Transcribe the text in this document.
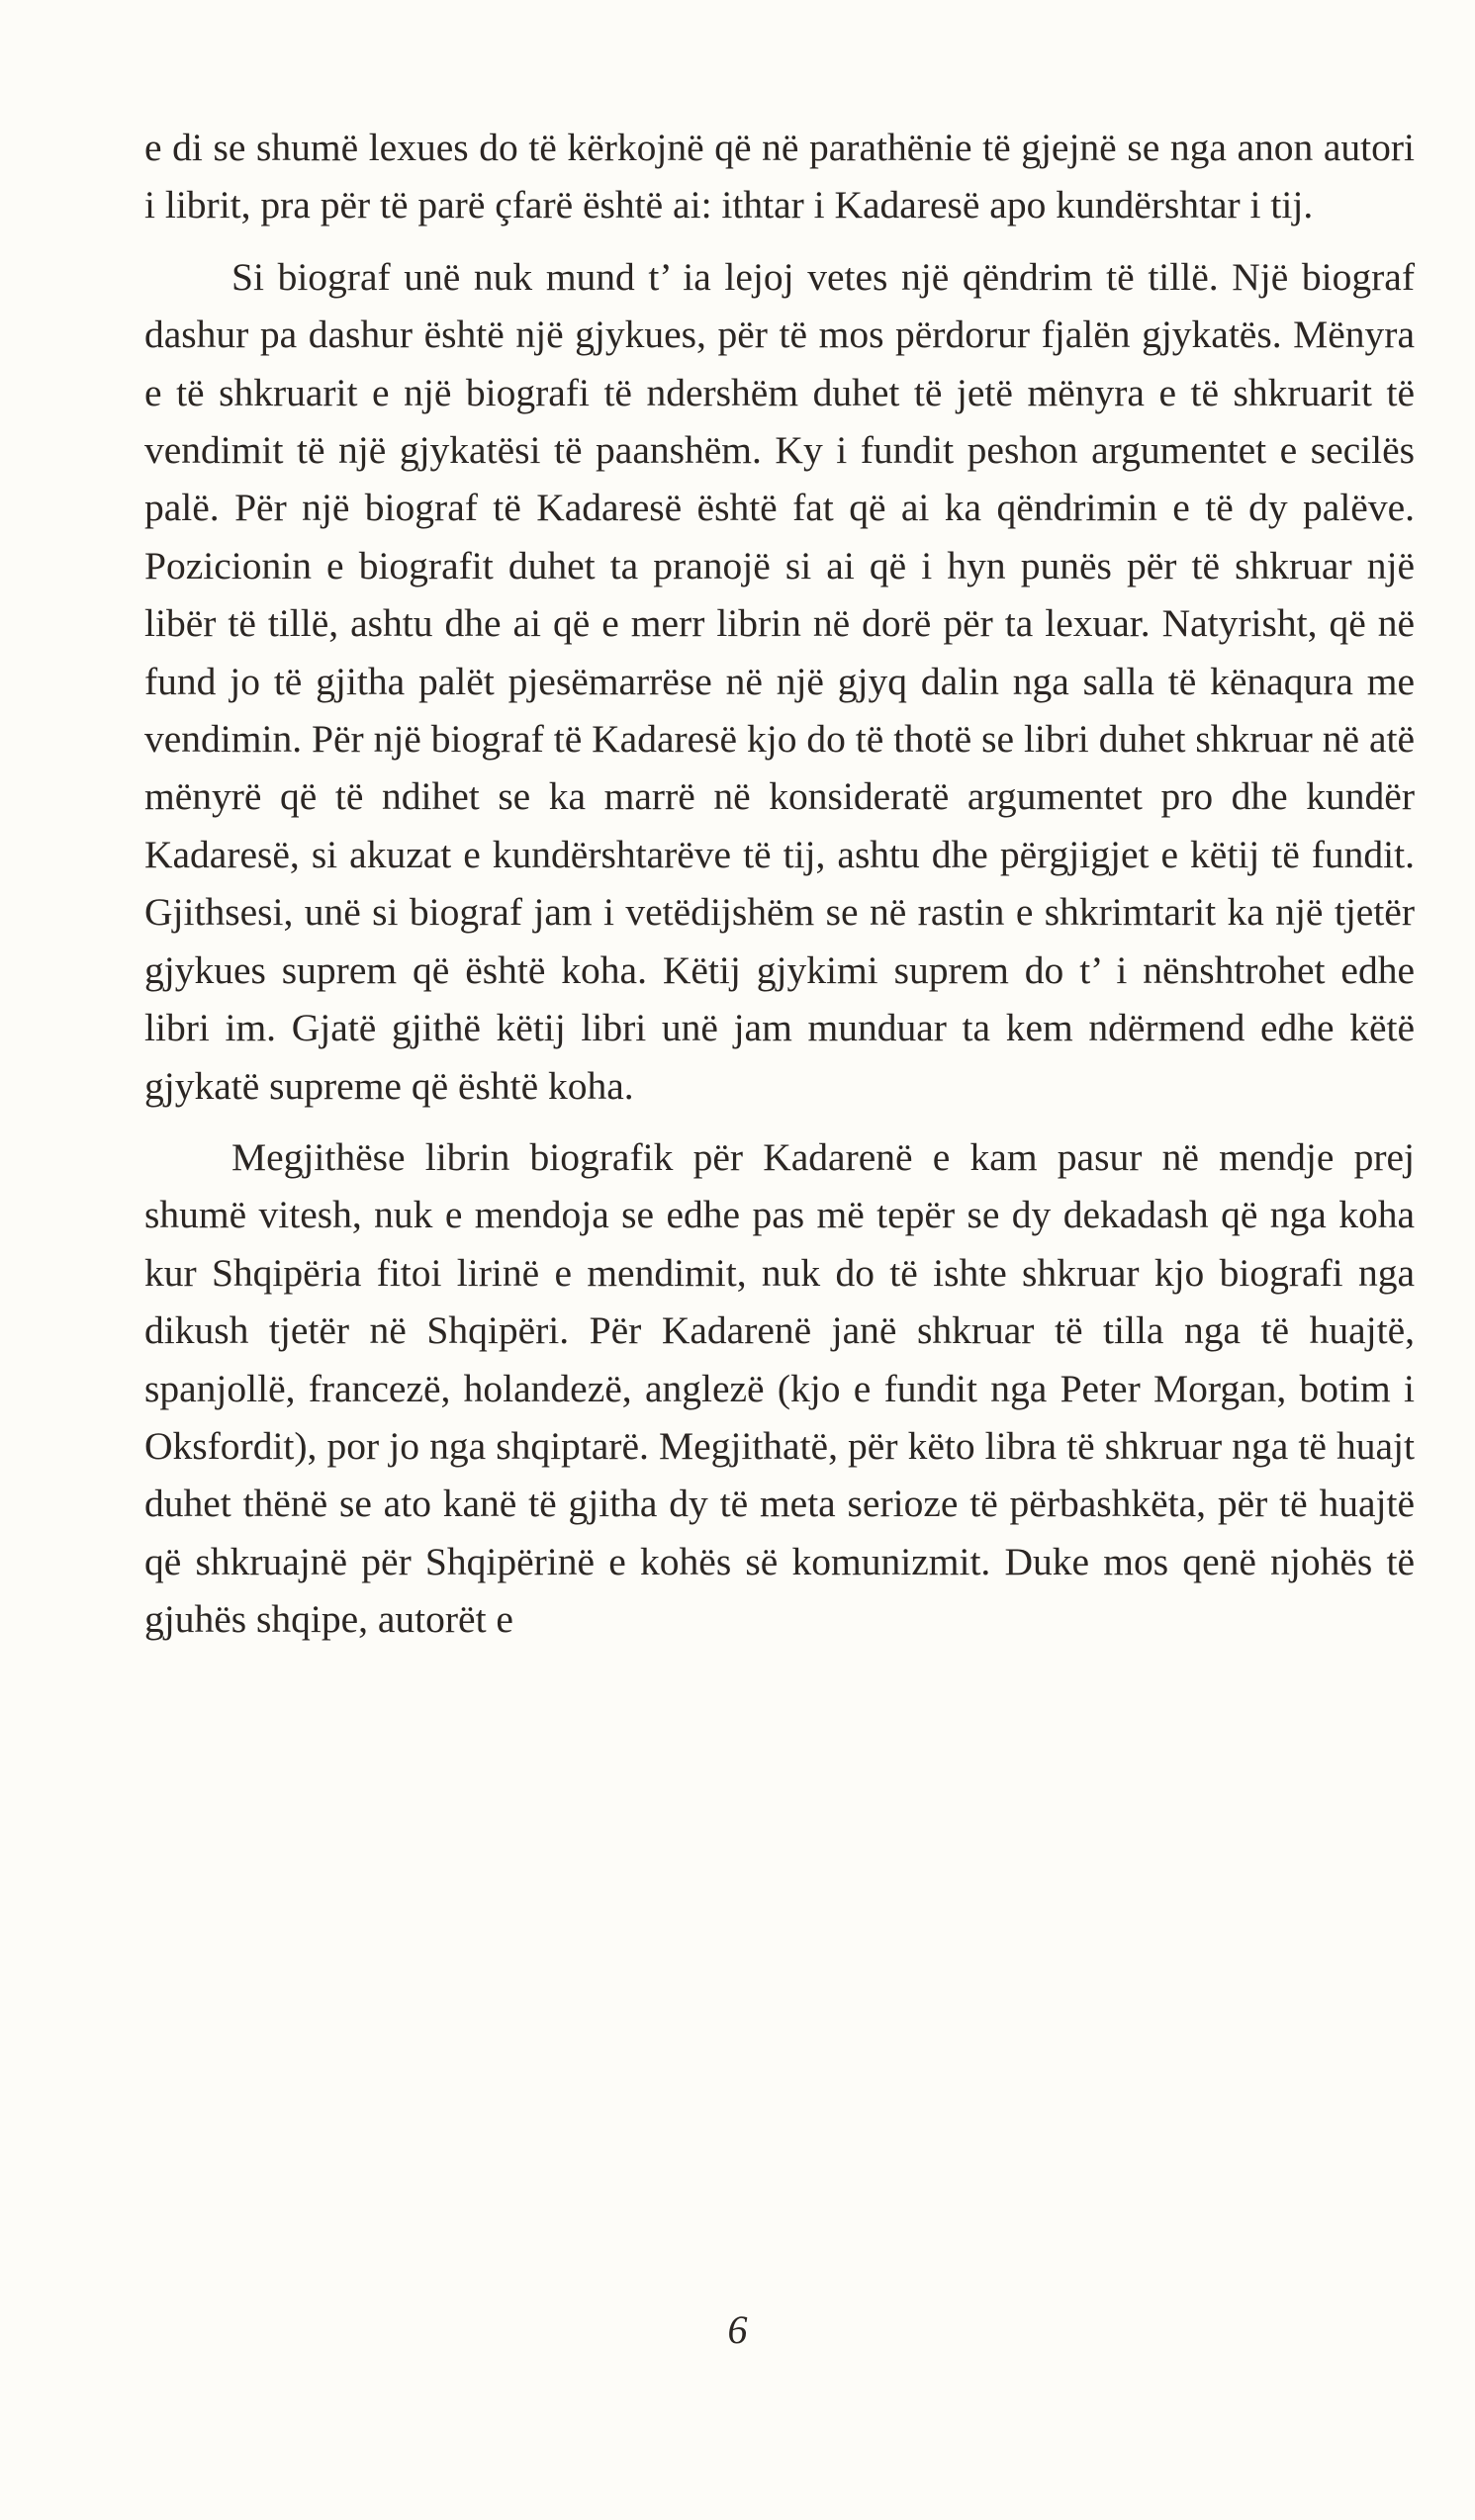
e di se shumë lexues do të kërkojnë që në parathënie të gjejnë se nga anon autori i librit, pra për të parë çfarë është ai: ithtar i Kadaresë apo kundërshtar i tij.

Si biograf unë nuk mund t’ ia lejoj vetes një qëndrim të tillë. Një biograf dashur pa dashur është një gjykues, për të mos përdorur fjalën gjykatës. Mënyra e të shkruarit e një biografi të ndershëm duhet të jetë mënyra e të shkruarit të vendimit të një gjykatësi të paanshëm. Ky i fundit peshon argumentet e secilës palë. Për një biograf të Kadaresë është fat që ai ka qëndrimin e të dy palëve. Pozicionin e biografit duhet ta pranojë si ai që i hyn punës për të shkruar një libër të tillë, ashtu dhe ai që e merr librin në dorë për ta lexuar. Natyrisht, që në fund jo të gjitha palët pjesëmarrëse në një gjyq dalin nga salla të kënaqura me vendimin. Për një biograf të Kadaresë kjo do të thotë se libri duhet shkruar në atë mënyrë që të ndihet se ka marrë në konsideratë argumentet pro dhe kundër Kadaresë, si akuzat e kundërshtarëve të tij, ashtu dhe përgjigjet e këtij të fundit. Gjithsesi, unë si biograf jam i vetëdijshëm se në rastin e shkrimtarit ka një tjetër gjykues suprem që është koha. Këtij gjykimi suprem do t’ i nënshtrohet edhe libri im. Gjatë gjithë këtij libri unë jam munduar ta kem ndërmend edhe këtë gjykatë supreme që është koha.

Megjithëse librin biografik për Kadarenë e kam pasur në mendje prej shumë vitesh, nuk e mendoja se edhe pas më tepër se dy dekadash që nga koha kur Shqipëria fitoi lirinë e mendimit, nuk do të ishte shkruar kjo biografi nga dikush tjetër në Shqipëri. Për Kadarenë janë shkruar të tilla nga të huajtë, spanjollë, francezë, holandezë, anglezë (kjo e fundit nga Peter Morgan, botim i Oksfordit), por jo nga shqiptarë. Megjithatë, për këto libra të shkruar nga të huajt duhet thënë se ato kanë të gjitha dy të meta serioze të përbashkëta, për të huajtë që shkruajnë për Shqipërinë e kohës së komunizmit. Duke mos qenë njohës të gjuhës shqipe, autorët e

6
